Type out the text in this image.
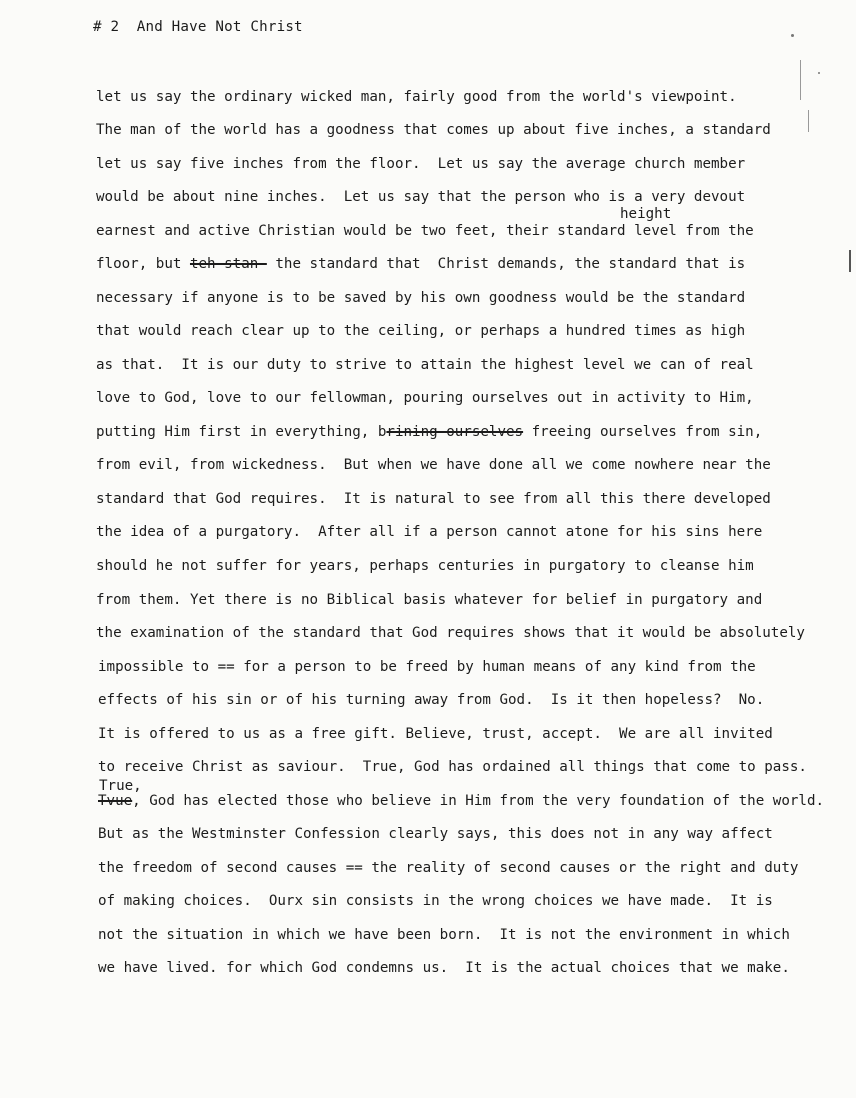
# 2  And Have Not Christ
let us say the ordinary wicked man, fairly good from the world's viewpoint.
The man of the world has a goodness that comes up about five inches, a standard
let us say five inches from the floor.  Let us say the average church member
would be about nine inches.  Let us say that the person who is a very devout
earnest and active Christian would be two feet, their standard level from the
floor, but teh-stan- the standard that  Christ demands, the standard that is
necessary if anyone is to be saved by his own goodness would be the standard
that would reach clear up to the ceiling, or perhaps a hundred times as high
as that.  It is our duty to strive to attain the highest level we can of real
love to God, love to our fellowman, pouring ourselves out in activity to Him,
putting Him first in everything, brining-ourselves freeing ourselves from sin,
from evil, from wickedness.  But when we have done all we come nowhere near the
standard that God requires.  It is natural to see from all this there developed
the idea of a purgatory.  After all if a person cannot atone for his sins here
should he not suffer for years, perhaps centuries in purgatory to cleanse him
from them. Yet there is no Biblical basis whatever for belief in purgatory and
the examination of the standard that God requires shows that it would be absolutely
impossible to == for a person to be freed by human means of any kind from the
effects of his sin or of his turning away from God.  Is it then hopeless?  No.
It is offered to us as a free gift. Believe, trust, accept.  We are all invited
to receive Christ as saviour.  True, God has ordained all things that come to pass.
Tvue, God has elected those who believe in Him from the very foundation of the world.
But as the Westminster Confession clearly says, this does not in any way affect
the freedom of second causes == the reality of second causes or the right and duty
of making choices.  Ourx sin consists in the wrong choices we have made.  It is
not the situation in which we have been born.  It is not the environment in which
we have lived. for which God condemns us.  It is the actual choices that we make.
height
True,
